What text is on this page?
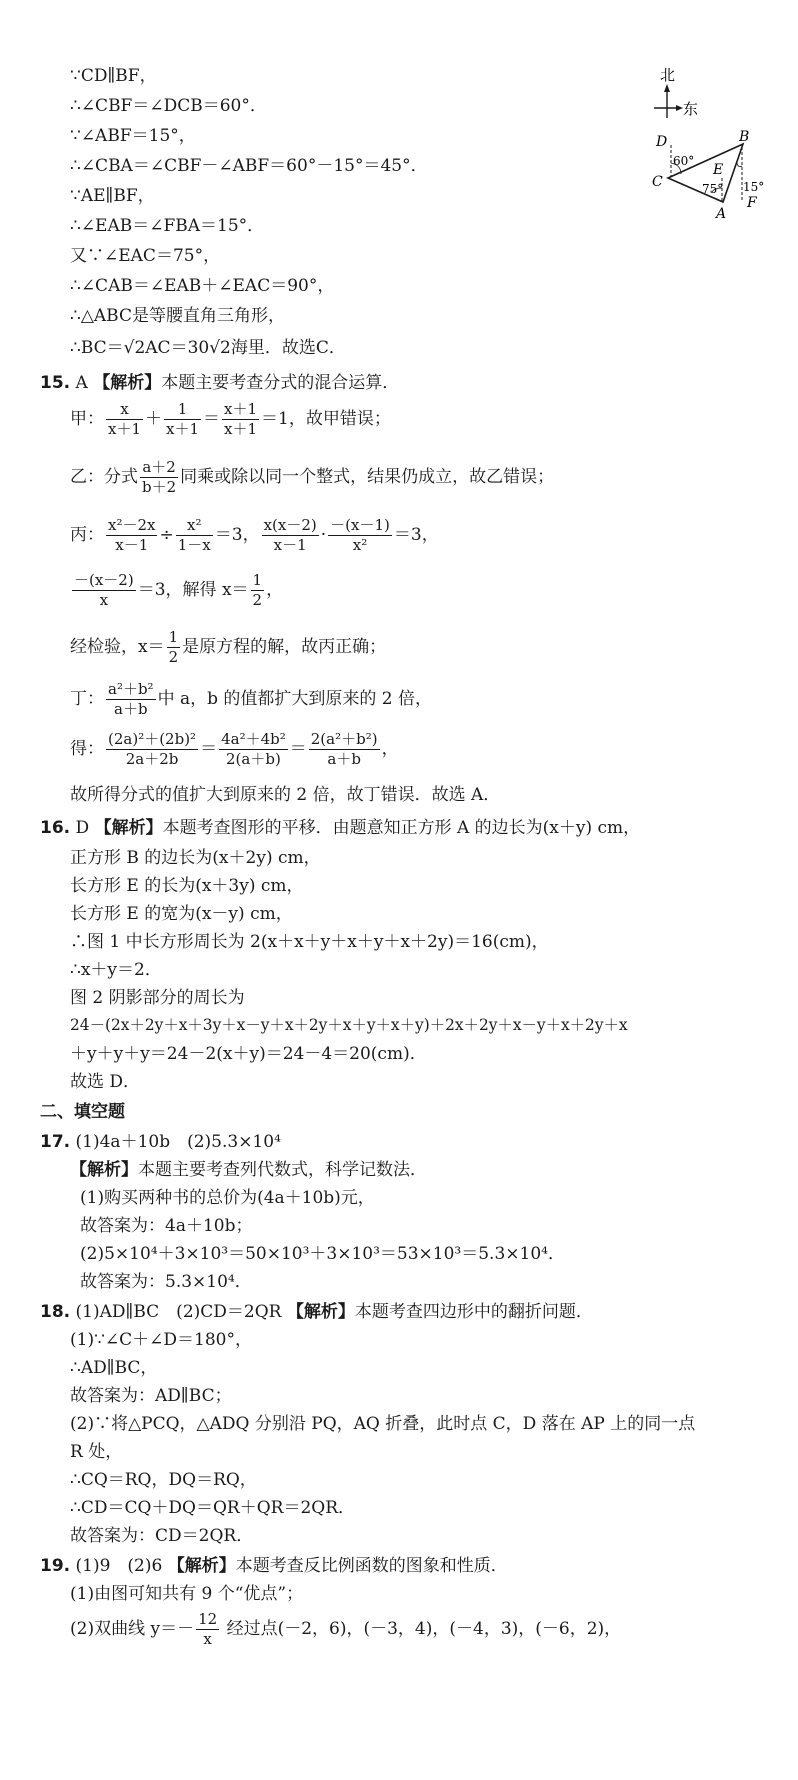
北
东
D	B
C
E
A
F
60°
75° 15°
∵CD∥BF，
∴∠CBF＝∠DCB＝60°．
∵∠ABF＝15°，
∴∠CBA＝∠CBF－∠ABF＝60°－15°＝45°．
∵AE∥BF，
∴∠EAB＝∠FBA＝15°．
又∵∠EAC＝75°，
∴∠CAB＝∠EAB＋∠EAC＝90°，
∴△ABC是等腰直角三角形，
∴BC＝√2AC＝30√2海里．故选C．
15. A 【解析】本题主要考查分式的混合运算．
甲： $\frac{x}{x+1} + \frac{1}{x+1} = \frac{x+1}{x+1} =1$，故甲错误；
乙：分式 $\frac{a+2}{b+2}$ 同乘或除以同一个整式，结果仍成立，故乙错误；
丙： $\frac{\text{x²－2x}}{x-1} \div \frac{\text{x²}}{1-x} =3$， $\frac{x(x-2)}{x-1} \cdot \frac{-(x-1)}{\text{x²}} =3$，
$\frac{-(x-2)}{x} =3$，解得 $x= \frac{1}{2}$ ，
经检验，$x= \frac{1}{2}$ 是原方程的解，故丙正确；
丁： $\frac{\text{a²＋b²}}{a+b}$ 中 a，b 的值都扩大到原来的 2 倍，
得： $\frac{\text{(2a)²＋(2b)²}}{2a+2b} = \frac{\text{4a²＋4b²}}{2(a+b)} = \frac{\text{2(a²＋b²)}}{a+b}$ ，
故所得分式的值扩大到原来的 2 倍，故丁错误．故选 A．
16. D 【解析】本题考查图形的平移．由题意知正方形 A 的边长为(x＋y) cm，
正方形 B 的边长为(x＋2y) cm，
长方形 E 的长为(x＋3y) cm，
长方形 E 的宽为(x－y) cm，
∴图 1 中长方形周长为 2(x＋x＋y＋x＋y＋x＋2y)＝16(cm)，
∴x＋y＝2．
图 2 阴影部分的周长为
24－(2x＋2y＋x＋3y＋x－y＋x＋2y＋x＋y＋x＋y)＋2x＋2y＋x－y＋x＋2y＋x
＋y＋y＋y＝24－2(x＋y)＝24－4＝20(cm)．
故选 D．
二、填空题
17. (1)4a＋10b　(2)5.3×10⁴
【解析】本题主要考查列代数式，科学记数法．
(1)购买两种书的总价为(4a＋10b)元，
故答案为：4a＋10b；
(2)5×10⁴＋3×10³＝50×10³＋3×10³＝53×10³＝5.3×10⁴．
故答案为：5.3×10⁴．
18. (1)AD∥BC　(2)CD＝2QR 【解析】本题考查四边形中的翻折问题．
(1)∵∠C＋∠D＝180°，
∴AD∥BC，
故答案为：AD∥BC；
(2)∵将△PCQ，△ADQ 分别沿 PQ，AQ 折叠，此时点 C，D 落在 AP 上的同一点
R 处，
∴CQ＝RQ，DQ＝RQ，
∴CD＝CQ＋DQ＝QR＋QR＝2QR．
故答案为：CD＝2QR．
19. (1)9　(2)6 【解析】本题考查反比例函数的图象和性质．
(1)由图可知共有 9 个“优点”；
(2)双曲线 $y=- \frac{12}{x}$ 经过点(－2，6)，(－3，4)，(－4，3)，(－6，2)，
